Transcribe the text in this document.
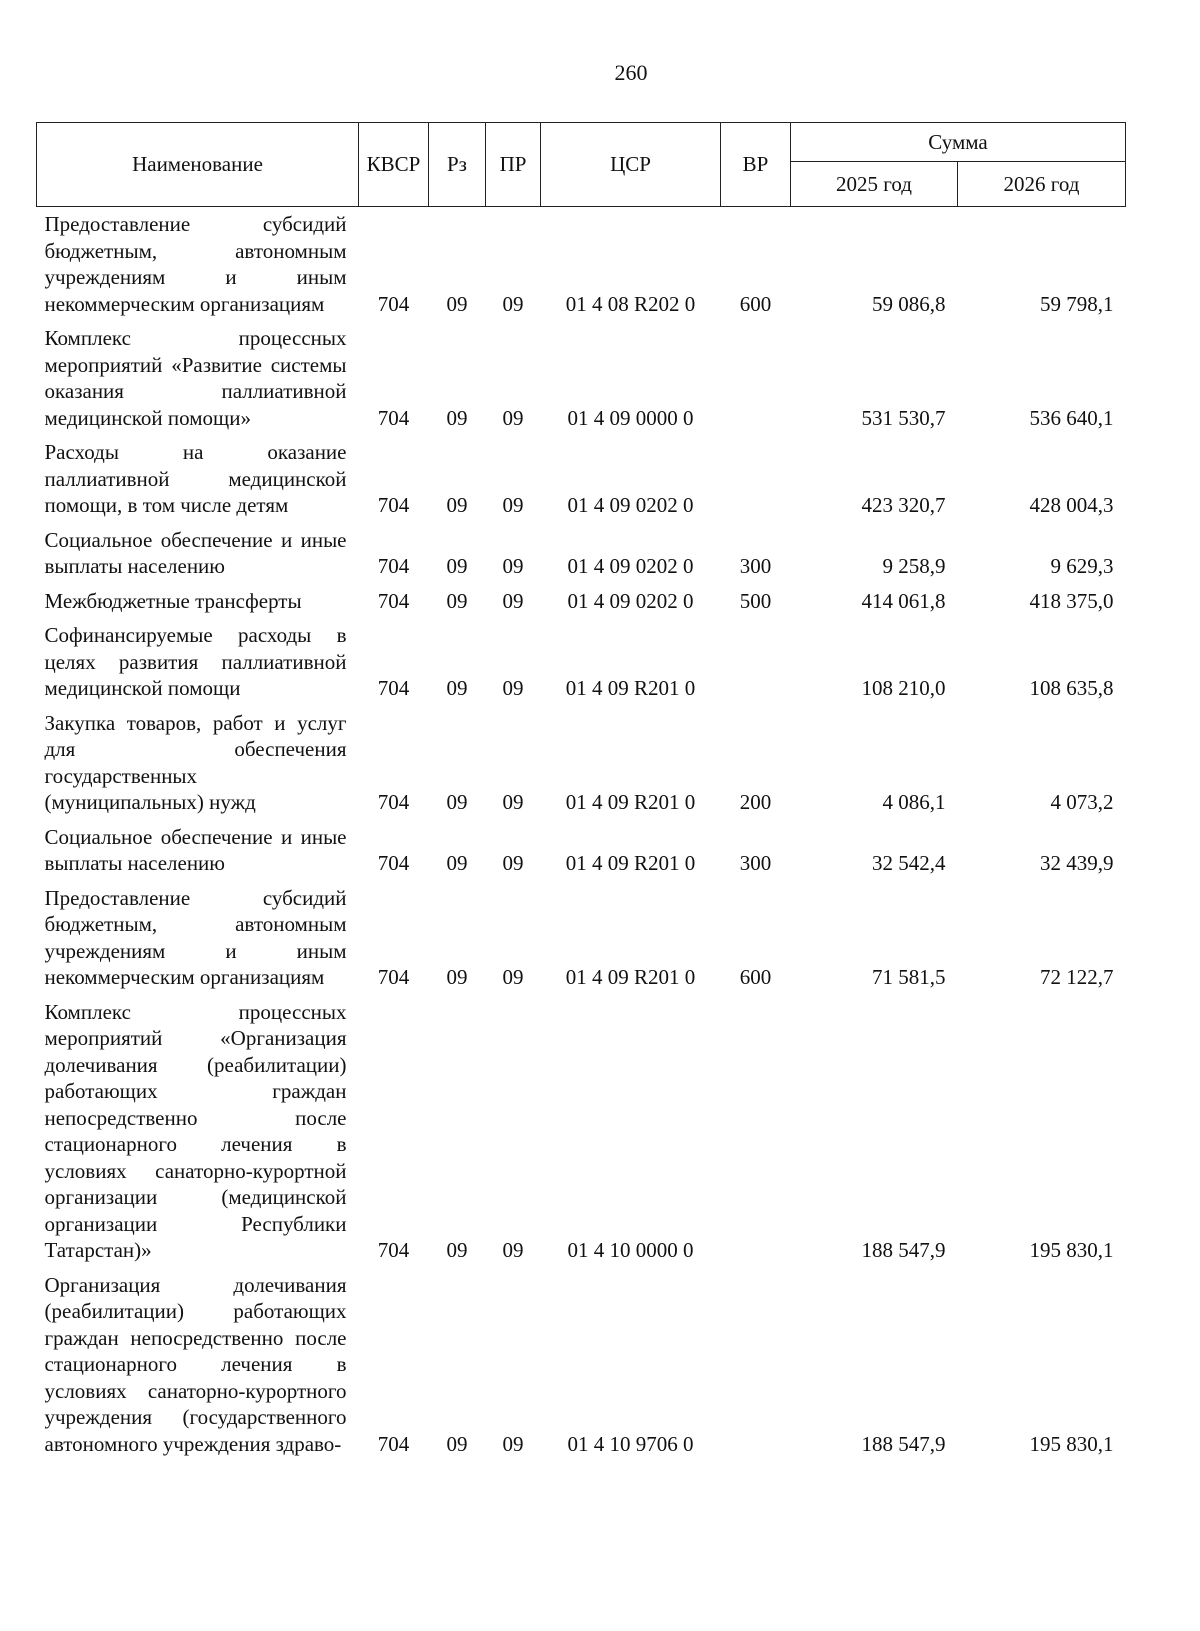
260
Наименование	КВСР	Рз	ПР	ЦСР	ВР	Сумма	
						2025 год	2026 год
Предоставление субсидий бюджетным, автономным учреждениям и иным некоммерческим организациям	704	09	09	01 4 08 R202 0	600	59 086,8	59 798,1
Комплекс процессных мероприятий «Развитие системы оказания паллиативной медицинской помощи»	704	09	09	01 4 09 0000 0		531 530,7	536 640,1
Расходы на оказание паллиативной медицинской помощи, в том числе детям	704	09	09	01 4 09 0202 0		423 320,7	428 004,3
Социальное обеспечение и иные выплаты населению	704	09	09	01 4 09 0202 0	300	9 258,9	9 629,3
Межбюджетные трансферты	704	09	09	01 4 09 0202 0	500	414 061,8	418 375,0
Софинансируемые расходы в целях развития паллиативной медицинской помощи	704	09	09	01 4 09 R201 0		108 210,0	108 635,8
Закупка товаров, работ и услуг для обеспечения государственных (муниципальных) нужд	704	09	09	01 4 09 R201 0	200	4 086,1	4 073,2
Социальное обеспечение и иные выплаты населению	704	09	09	01 4 09 R201 0	300	32 542,4	32 439,9
Предоставление субсидий бюджетным, автономным учреждениям и иным некоммерческим организациям	704	09	09	01 4 09 R201 0	600	71 581,5	72 122,7
Комплекс процессных мероприятий «Организация долечивания (реабилитации) работающих граждан непосредственно после стационарного лечения в условиях санаторно-курортной организации (медицинской организации Республики Татарстан)»	704	09	09	01 4 10 0000 0		188 547,9	195 830,1
Организация долечивания (реабилитации) работающих граждан непосредственно после стационарного лечения в условиях санаторно-курортного учреждения (государственного автономного учреждения здраво-	704	09	09	01 4 10 9706 0		188 547,9	195 830,1
